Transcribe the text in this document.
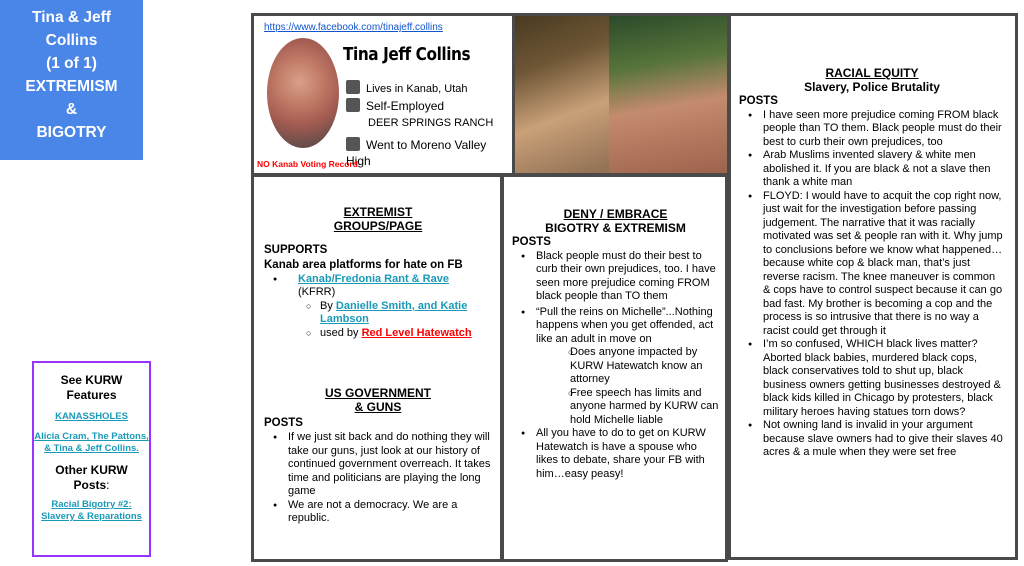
Tina & Jeff
Collins
(1 of 1)
EXTREMISM
&
BIGOTRY
See KURW
Features
KANASSHOLES
Alicia Cram, The Pattons, & Tina & Jeff Collins.
Other KURW
Posts:
Racial Bigotry #2: Slavery & Reparations
https://www.facebook.com/tinajeff.collins
Tina Jeff Collins
Lives in Kanab, Utah
Self-Employed
DEER SPRINGS RANCH
Went to Moreno Valley High
NO Kanab Voting Record
EXTREMIST
GROUPS/PAGE
SUPPORTS
Kanab area platforms for hate on FB
● Kanab/Fredonia Rant & Rave
(KFRR)
○ By Danielle Smith, and Katie Lambson
○ used by Red Level Hatewatch
US GOVERNMENT
& GUNS
POSTS
● If we just sit back and do nothing they will take our guns, just look at our history of continued government overreach. It takes time and politicians are playing the long game
● We are not a democracy. We are a republic.
DENY / EMBRACE
BIGOTRY & EXTREMISM
POSTS
● Black people must do their best to curb their own prejudices, too. I have seen more prejudice coming FROM black people than TO them
● “Pull the reins on Michelle”...Nothing happens when you get offended, act like an adult in move on
○ Does anyone impacted by KURW Hatewatch know an attorney
○ Free speech has limits and anyone harmed by KURW can hold Michelle liable
● All you have to do to get on KURW Hatewatch is have a spouse who likes to debate, share your FB with him…easy peasy!
RACIAL EQUITY
Slavery, Police Brutality
POSTS
● I have seen more prejudice coming FROM black people than TO them. Black people must do their best to curb their own prejudices, too
● Arab Muslims invented slavery & white men abolished it. If you are black & not a slave then thank a white man
● FLOYD: I would have to acquit the cop right now, just wait for the investigation before passing judgement. The narrative that it was racially motivated was set & people ran with it. Why jump to conclusions before we know what happened…because white cop & black man, that’s just reverse racism. The knee maneuver is common & cops have to control suspect because it can go bad fast. My brother is becoming a cop and the process is so intrusive that there is no way a racist could get through it
● I’m so confused, WHICH black lives matter? Aborted black babies, murdered black cops, black conservatives told to shut up, black business owners getting businesses destroyed & black kids killed in Chicago by protesters, black military heroes having statues torn dows?
● Not owning land is invalid in your argument because slave owners had to give their slaves 40 acres & a mule when they were set free
